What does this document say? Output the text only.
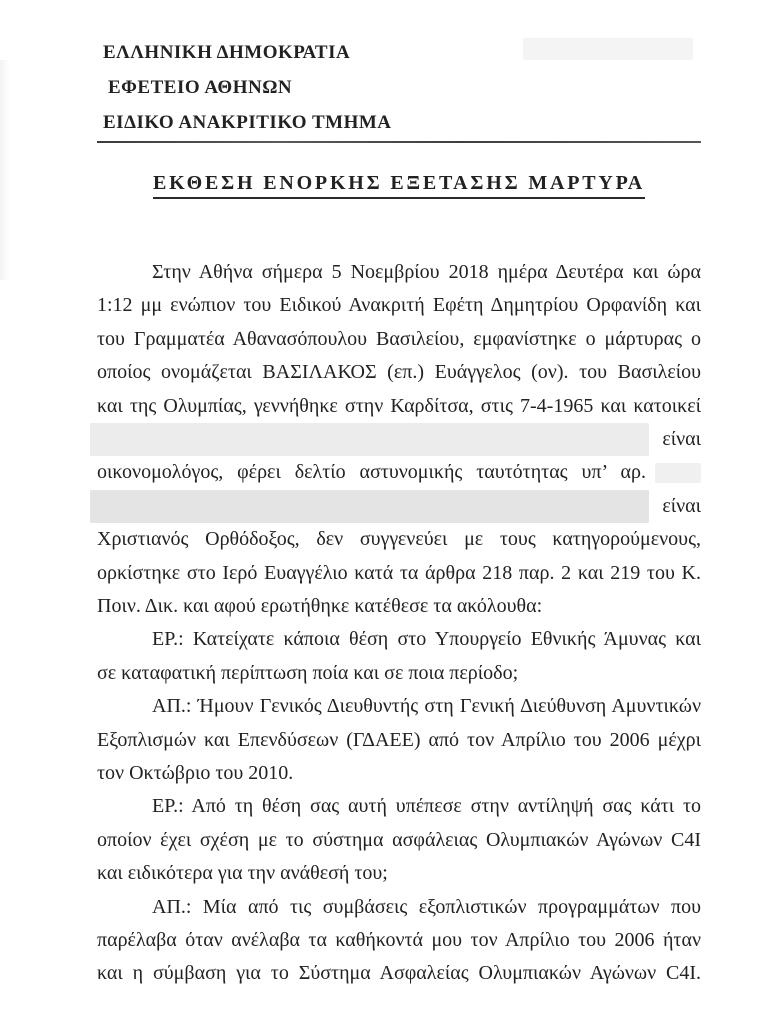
ΕΛΛΗΝΙΚΗ ΔΗΜΟΚΡΑΤΙΑ
ΕΦΕΤΕΙΟ ΑΘΗΝΩΝ
ΕΙΔΙΚΟ ΑΝΑΚΡΙΤΙΚΟ ΤΜΗΜΑ
ΕΚΘΕΣΗ ΕΝΟΡΚΗΣ ΕΞΕΤΑΣΗΣ ΜΑΡΤΥΡΑ
Στην Αθήνα σήμερα 5 Νοεμβρίου 2018 ημέρα Δευτέρα και ώρα
1:12 μμ ενώπιον του Ειδικού Ανακριτή Εφέτη Δημητρίου Ορφανίδη και
του Γραμματέα Αθανασόπουλου Βασιλείου, εμφανίστηκε ο μάρτυρας ο
οποίος ονομάζεται ΒΑΣΙΛΑΚΟΣ (επ.) Ευάγγελος (ον). του Βασιλείου
και της Ολυμπίας, γεννήθηκε στην Καρδίτσα, στις 7-4-1965 και κατοικεί
είναι
οικονομολόγος, φέρει δελτίο αστυνομικής ταυτότητας υπ’ αρ.
είναι
Χριστιανός Ορθόδοξος, δεν συγγενεύει με τους κατηγορούμενους,
ορκίστηκε στο Ιερό Ευαγγέλιο κατά τα άρθρα 218 παρ. 2 και 219 του Κ.
Ποιν. Δικ. και αφού ερωτήθηκε κατέθεσε τα ακόλουθα:
ΕΡ.: Κατείχατε κάποια θέση στο Υπουργείο Εθνικής Άμυνας και
σε καταφατική περίπτωση ποία και σε ποια περίοδο;
ΑΠ.: Ήμουν Γενικός Διευθυντής στη Γενική Διεύθυνση Αμυντικών
Εξοπλισμών και Επενδύσεων (ΓΔΑΕΕ) από τον Απρίλιο του 2006 μέχρι
τον Οκτώβριο του 2010.
ΕΡ.: Από τη θέση σας αυτή υπέπεσε στην αντίληψή σας κάτι το
οποίον έχει σχέση με το σύστημα ασφάλειας Ολυμπιακών Αγώνων C4I
και ειδικότερα για την ανάθεσή του;
ΑΠ.: Μία από τις συμβάσεις εξοπλιστικών προγραμμάτων που
παρέλαβα όταν ανέλαβα τα καθήκοντά μου τον Απρίλιο του 2006 ήταν
και η σύμβαση για το Σύστημα Ασφαλείας Ολυμπιακών Αγώνων C4I.
